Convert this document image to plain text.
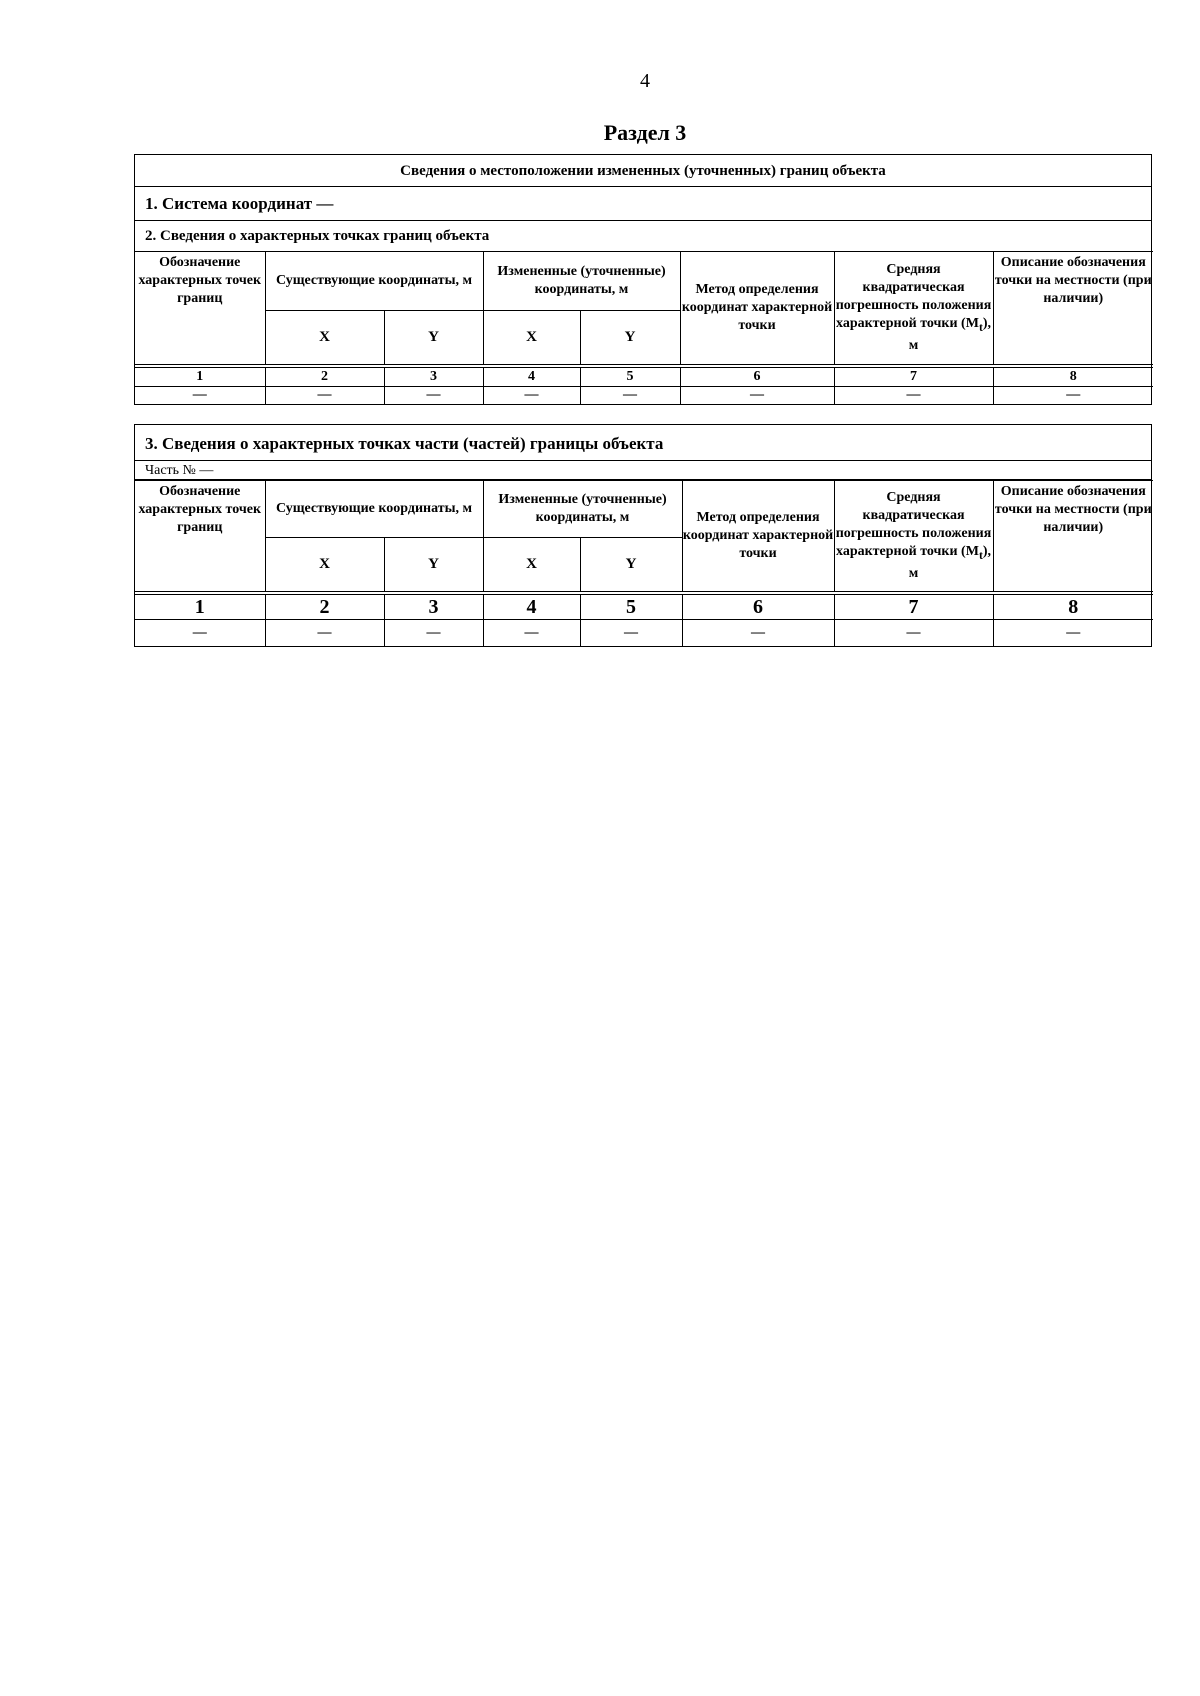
4
Раздел 3
Сведения о местоположении измененных (уточненных) границ объекта
1. Система координат —
2. Сведения о характерных точках границ объекта
Обозначение характерных точек границ	Существующие координаты, м		Измененные (уточненные) координаты, м		Метод определения координат характерной точки	Средняя квадратическая погрешность положения характерной точки $(M_t)$, м	Описание обозначения точки на местности (при наличии)
	X	Y	X	Y			
1	2	3	4	5	6	7	8
—	—	—	—	—	—	—	—
3. Сведения о характерных точках части (частей) границы объекта
Часть № —
Обозначение характерных точек границ	Существующие координаты, м		Измененные (уточненные) координаты, м		Метод определения координат характерной точки	Средняя квадратическая погрешность положения характерной точки $(M_t)$, м	Описание обозначения точки на местности (при наличии)
	X	Y	X	Y			
1	2	3	4	5	6	7	8
—	—	—	—	—	—	—	—
